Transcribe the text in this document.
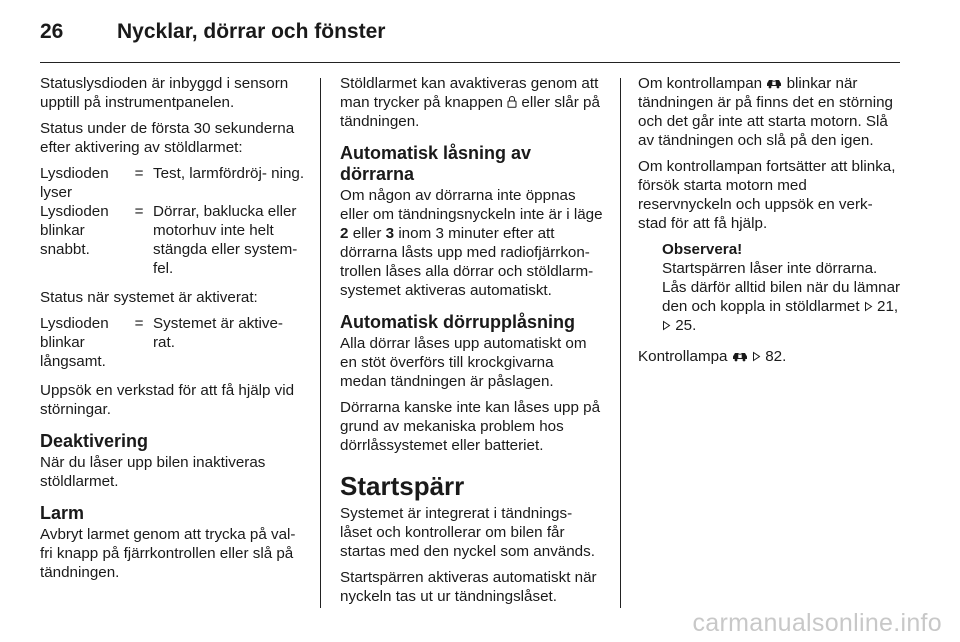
26	Nycklar, dörrar och fönster

Statuslysdioden är inbyggd i sensorn upptill på instrumentpanelen.

Status under de första 30 sekunderna efter aktivering av stöldlarmet:

Lysdioden lyser	=	Test, larmfördröj- ning.
Lysdioden blinkar snabbt.	=	Dörrar, baklucka eller motorhuv inte helt stängda eller system- fel.

Status när systemet är aktiverat:

Lysdioden blinkar långsamt.	=	Systemet är aktive- rat.

Uppsök en verkstad för att få hjälp vid störningar.

Deaktivering

När du låser upp bilen inaktiveras stöldlarmet.

Larm

Avbryt larmet genom att trycka på val- fri knapp på fjärrkontrollen eller slå på tändningen.

Stöldlarmet kan avaktiveras genom att man trycker på knappen eller slår på tändningen.

Automatisk låsning av dörrarna

Om någon av dörrarna inte öppnas eller om tändningsnyckeln inte är i läge 2 eller 3 inom 3 minuter efter att dörrarna låsts upp med radiofjärrkon- trollen låses alla dörrar och stöldlarm- systemet aktiveras automatiskt.

Automatisk dörrupplåsning

Alla dörrar låses upp automatiskt om en stöt överförs till krockgivarna medan tändningen är påslagen.

Dörrarna kanske inte kan låses upp på grund av mekaniska problem hos dörrlåssystemet eller batteriet.

Startspärr

Systemet är integrerat i tändnings- låset och kontrollerar om bilen får startas med den nyckel som används.

Startspärren aktiveras automatiskt när nyckeln tas ut ur tändningslåset.

Om kontrollampan blinkar när tändningen är på finns det en störning och det går inte att starta motorn. Slå av tändningen och slå på den igen.

Om kontrollampan fortsätter att blinka, försök starta motorn med reservnyckeln och uppsök en verk- stad för att få hjälp.

Observera!

Startspärren låser inte dörrarna. Lås därför alltid bilen när du lämnar den och koppla in stöldlarmet 21,
25.

Kontrollampa 82.

carmanualsonline.info
